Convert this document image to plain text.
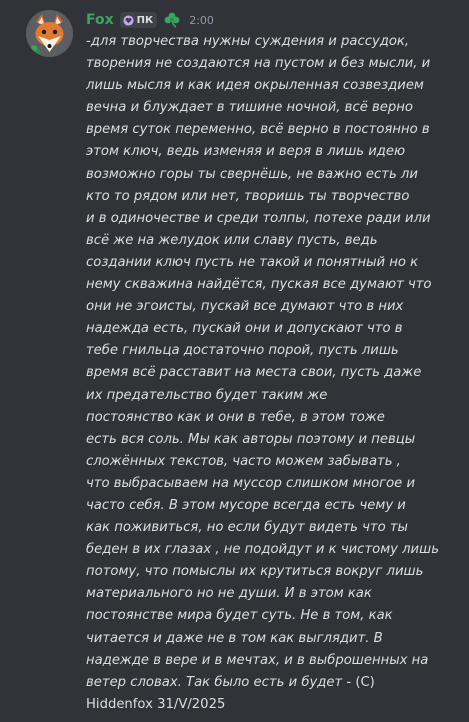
Fox ПК	2:00
-для творчества нужны суждения и рассудок,
творения не создаются на пустом и без мысли, и
лишь мысля и как идея окрыленная созвездием
вечна и блуждает в тишине ночной, всё верно
время суток переменно, всё верно в постоянно в
этом ключ, ведь изменяя и веря в лишь идею
возможно горы ты свернёшь, не важно есть ли
кто то рядом или нет, творишь ты творчество
и в одиночестве и среди толпы, потехе ради или
всё же на желудок или славу пусть, ведь
создании ключ пусть не такой и понятный но к
нему скважина найдётся, пуская все думают что
они не эгоисты, пускай все думают что в них
надежда есть, пускай они и допускают что в
тебе гнильца достаточно порой, пусть лишь
время всё расставит на места свои, пусть даже
их предательство будет таким же
постоянство как и они в тебе, в этом тоже
есть вся соль. Мы как авторы поэтому и певцы
сложённых текстов, часто можем забывать ,
что выбрасываем на муссор слишком многое и
часто себя. В этом мусоре всегда есть чему и
как поживиться, но если будут видеть что ты
беден в их глазах , не подойдут и к чистому лишь
потому, что помыслы их крутиться вокруг лишь
материального но не души. И в этом как
постоянстве мира будет суть. Не в том, как
читается и даже не в том как выглядит. В
надежде в вере и в мечтах, и в выброшенных на
ветер словах. Так было есть и будет - (C)
Hiddenfox 31/V/2025
